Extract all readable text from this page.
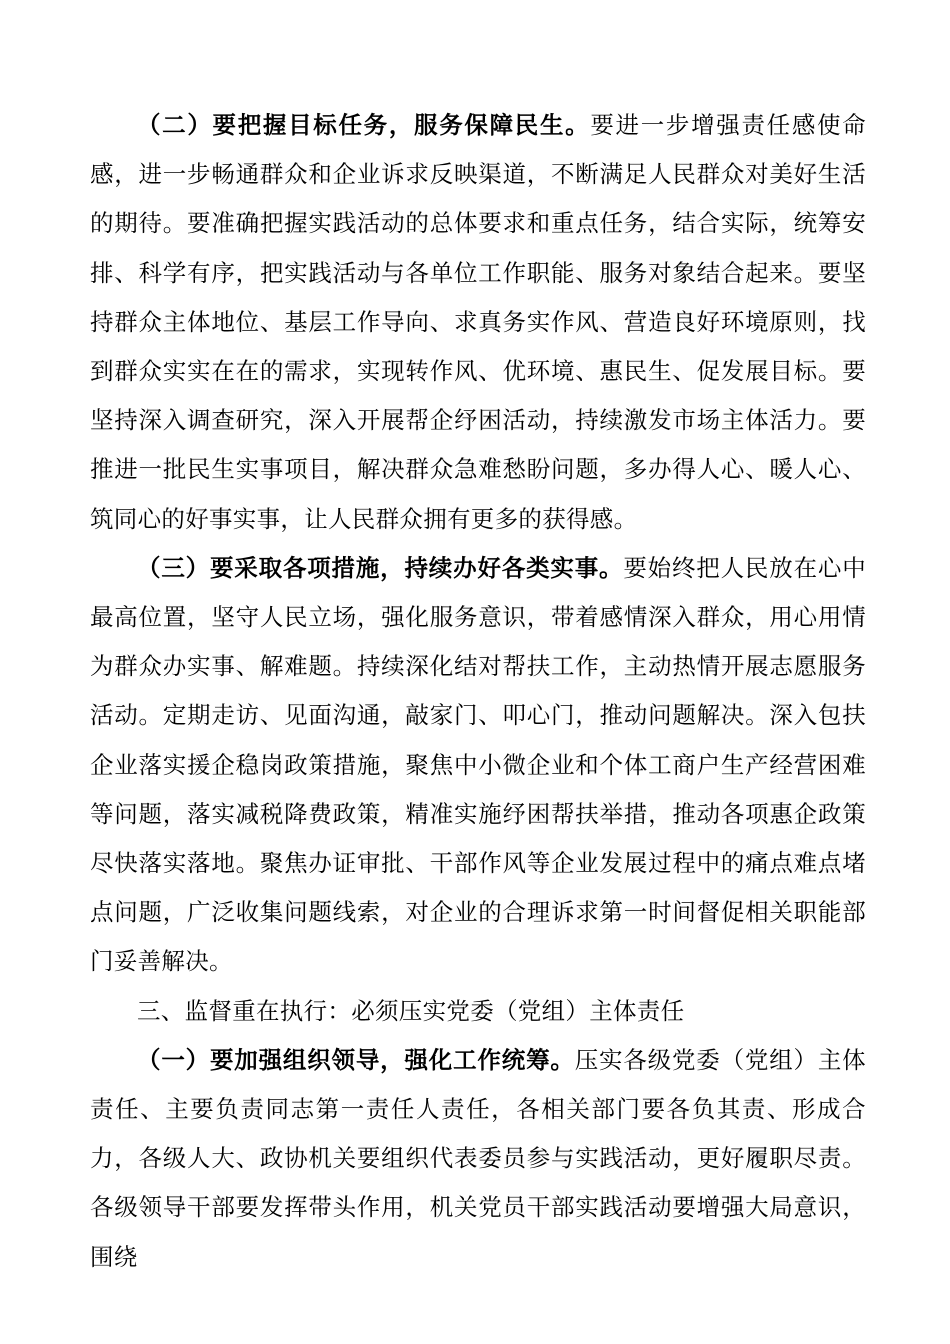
（二）要把握目标任务，服务保障民生。要进一步增强责任感使命感，进一步畅通群众和企业诉求反映渠道，不断满足人民群众对美好生活的期待。要准确把握实践活动的总体要求和重点任务，结合实际，统筹安排、科学有序，把实践活动与各单位工作职能、服务对象结合起来。要坚持群众主体地位、基层工作导向、求真务实作风、营造良好环境原则，找到群众实实在在的需求，实现转作风、优环境、惠民生、促发展目标。要坚持深入调查研究，深入开展帮企纾困活动，持续激发市场主体活力。要推进一批民生实事项目，解决群众急难愁盼问题，多办得人心、暖人心、筑同心的好事实事，让人民群众拥有更多的获得感。

（三）要采取各项措施，持续办好各类实事。要始终把人民放在心中最高位置，坚守人民立场，强化服务意识，带着感情深入群众，用心用情为群众办实事、解难题。持续深化结对帮扶工作，主动热情开展志愿服务活动。定期走访、见面沟通，敲家门、叩心门，推动问题解决。深入包扶企业落实援企稳岗政策措施，聚焦中小微企业和个体工商户生产经营困难等问题，落实减税降费政策，精准实施纾困帮扶举措，推动各项惠企政策尽快落实落地。聚焦办证审批、干部作风等企业发展过程中的痛点难点堵点问题，广泛收集问题线索，对企业的合理诉求第一时间督促相关职能部门妥善解决。

三、监督重在执行：必须压实党委（党组）主体责任

（一）要加强组织领导，强化工作统筹。压实各级党委（党组）主体责任、主要负责同志第一责任人责任，各相关部门要各负其责、形成合力，各级人大、政协机关要组织代表委员参与实践活动，更好履职尽责。各级领导干部要发挥带头作用，机关党员干部实践活动要增强大局意识，围绕
